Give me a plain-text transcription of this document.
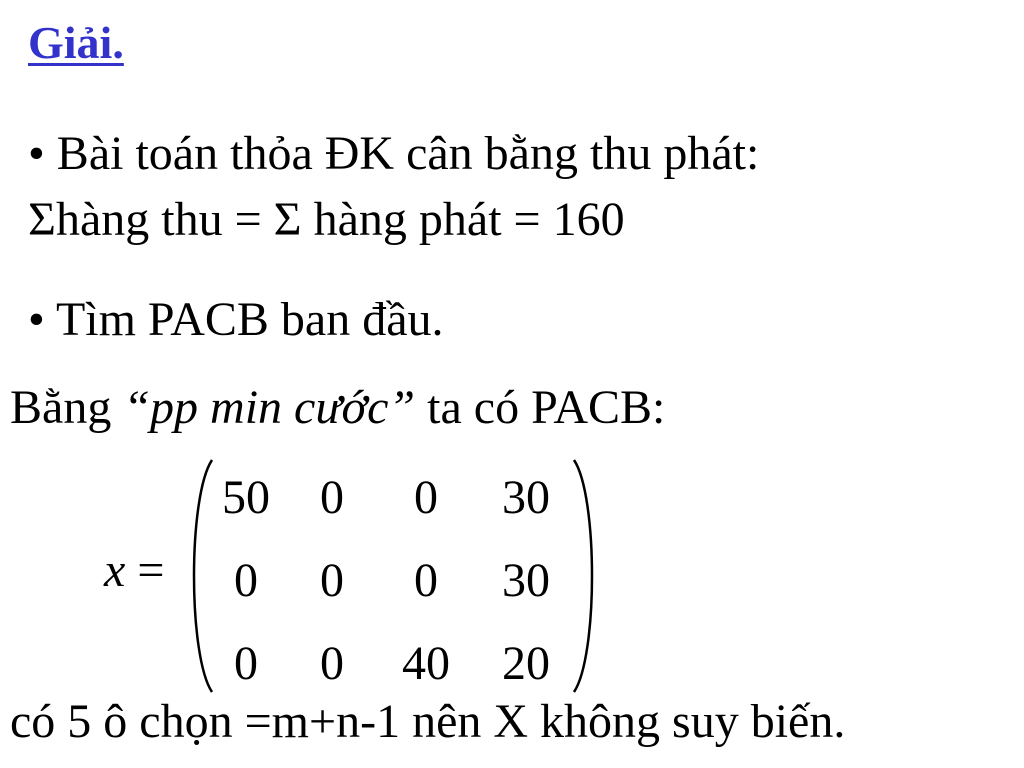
Giải.
• Bài toán thỏa ĐK cân bằng thu phát:
Σhàng thu = Σ hàng phát = 160
• Tìm PACB ban đầu.
Bằng “pp min cước” ta có PACB:
x =
50	0	0	30
0	0	0	30
0	0	40	20
có 5 ô chọn =m+n-1 nên X không suy biến.
